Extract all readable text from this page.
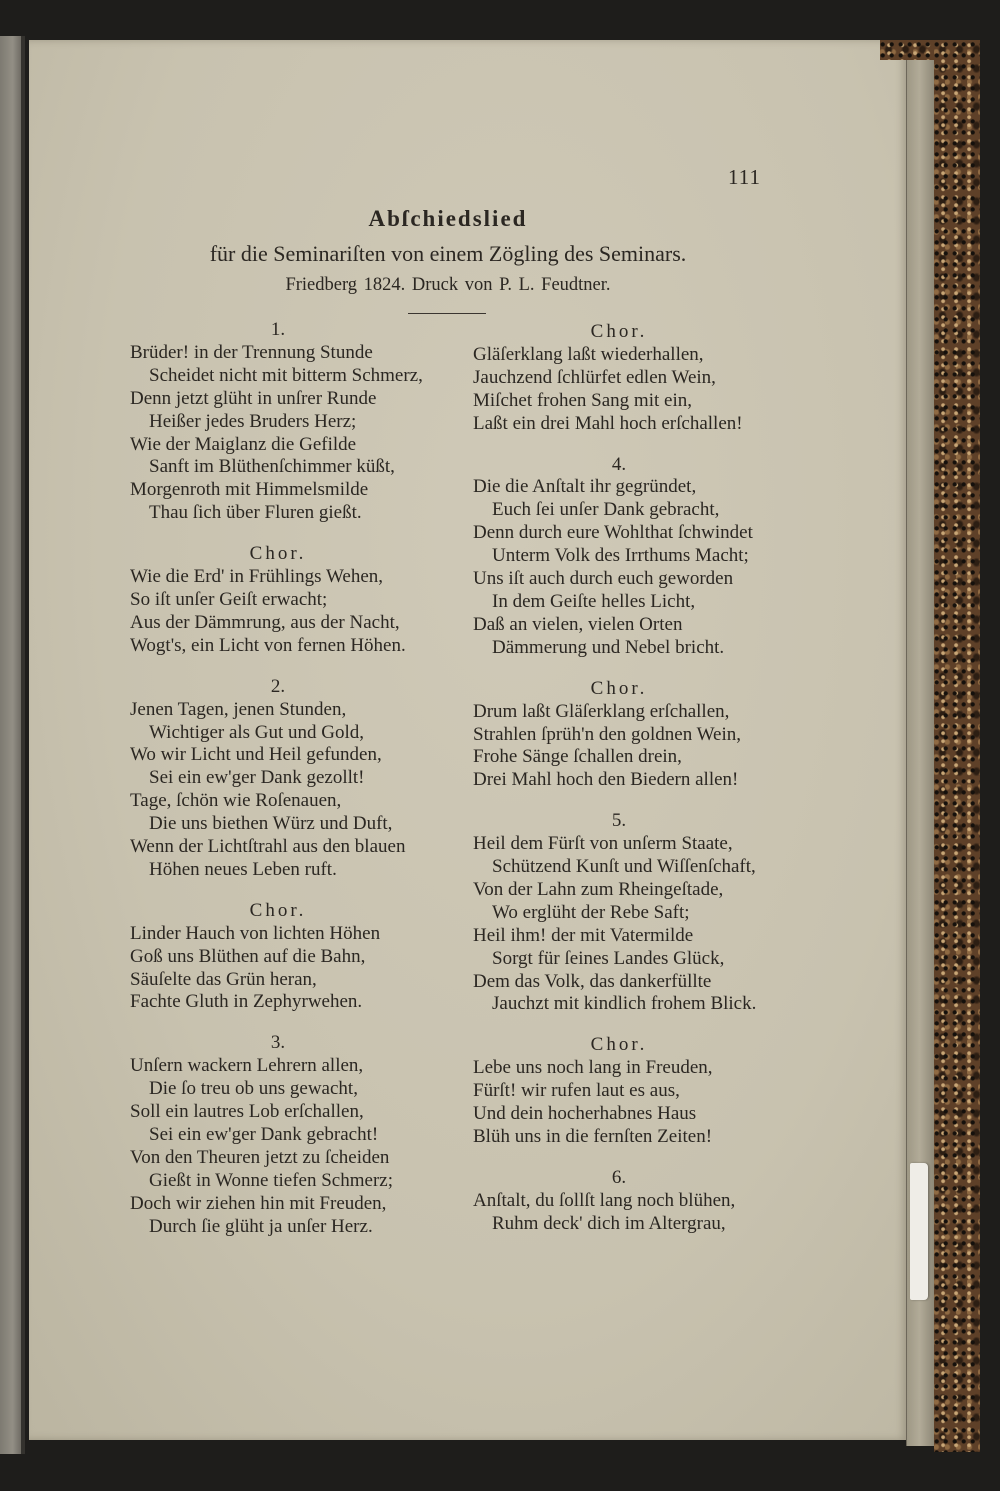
111
Abſchiedslied
für die Seminariſten von einem Zögling des Seminars.
Friedberg 1824. Druck von P. L. Feudtner.
1.
Brüder! in der Trennung Stunde
Scheidet nicht mit bitterm Schmerz,
Denn jetzt glüht in unſrer Runde
Heißer jedes Bruders Herz;
Wie der Maiglanz die Gefilde
Sanft im Blüthenſchimmer küßt,
Morgenroth mit Himmelsmilde
Thau ſich über Fluren gießt.
Chor.
Wie die Erd' in Frühlings Wehen,
So iſt unſer Geiſt erwacht;
Aus der Dämmrung, aus der Nacht,
Wogt's, ein Licht von fernen Höhen.
2.
Jenen Tagen, jenen Stunden,
Wichtiger als Gut und Gold,
Wo wir Licht und Heil gefunden,
Sei ein ew'ger Dank gezollt!
Tage, ſchön wie Roſenauen,
Die uns biethen Würz und Duft,
Wenn der Lichtſtrahl aus den blauen
Höhen neues Leben ruft.
Chor.
Linder Hauch von lichten Höhen
Goß uns Blüthen auf die Bahn,
Säuſelte das Grün heran,
Fachte Gluth in Zephyrwehen.
3.
Unſern wackern Lehrern allen,
Die ſo treu ob uns gewacht,
Soll ein lautres Lob erſchallen,
Sei ein ew'ger Dank gebracht!
Von den Theuren jetzt zu ſcheiden
Gießt in Wonne tiefen Schmerz;
Doch wir ziehen hin mit Freuden,
Durch ſie glüht ja unſer Herz.
Chor.
Gläſerklang laßt wiederhallen,
Jauchzend ſchlürfet edlen Wein,
Miſchet frohen Sang mit ein,
Laßt ein drei Mahl hoch erſchallen!
4.
Die die Anſtalt ihr gegründet,
Euch ſei unſer Dank gebracht,
Denn durch eure Wohlthat ſchwindet
Unterm Volk des Irrthums Macht;
Uns iſt auch durch euch geworden
In dem Geiſte helles Licht,
Daß an vielen, vielen Orten
Dämmerung und Nebel bricht.
Chor.
Drum laßt Gläſerklang erſchallen,
Strahlen ſprüh'n den goldnen Wein,
Frohe Sänge ſchallen drein,
Drei Mahl hoch den Biedern allen!
5.
Heil dem Fürſt von unſerm Staate,
Schützend Kunſt und Wiſſenſchaft,
Von der Lahn zum Rheingeſtade,
Wo erglüht der Rebe Saft;
Heil ihm! der mit Vatermilde
Sorgt für ſeines Landes Glück,
Dem das Volk, das dankerfüllte
Jauchzt mit kindlich frohem Blick.
Chor.
Lebe uns noch lang in Freuden,
Fürſt! wir rufen laut es aus,
Und dein hocherhabnes Haus
Blüh uns in die fernſten Zeiten!
6.
Anſtalt, du ſollſt lang noch blühen,
Ruhm deck' dich im Altergrau,
